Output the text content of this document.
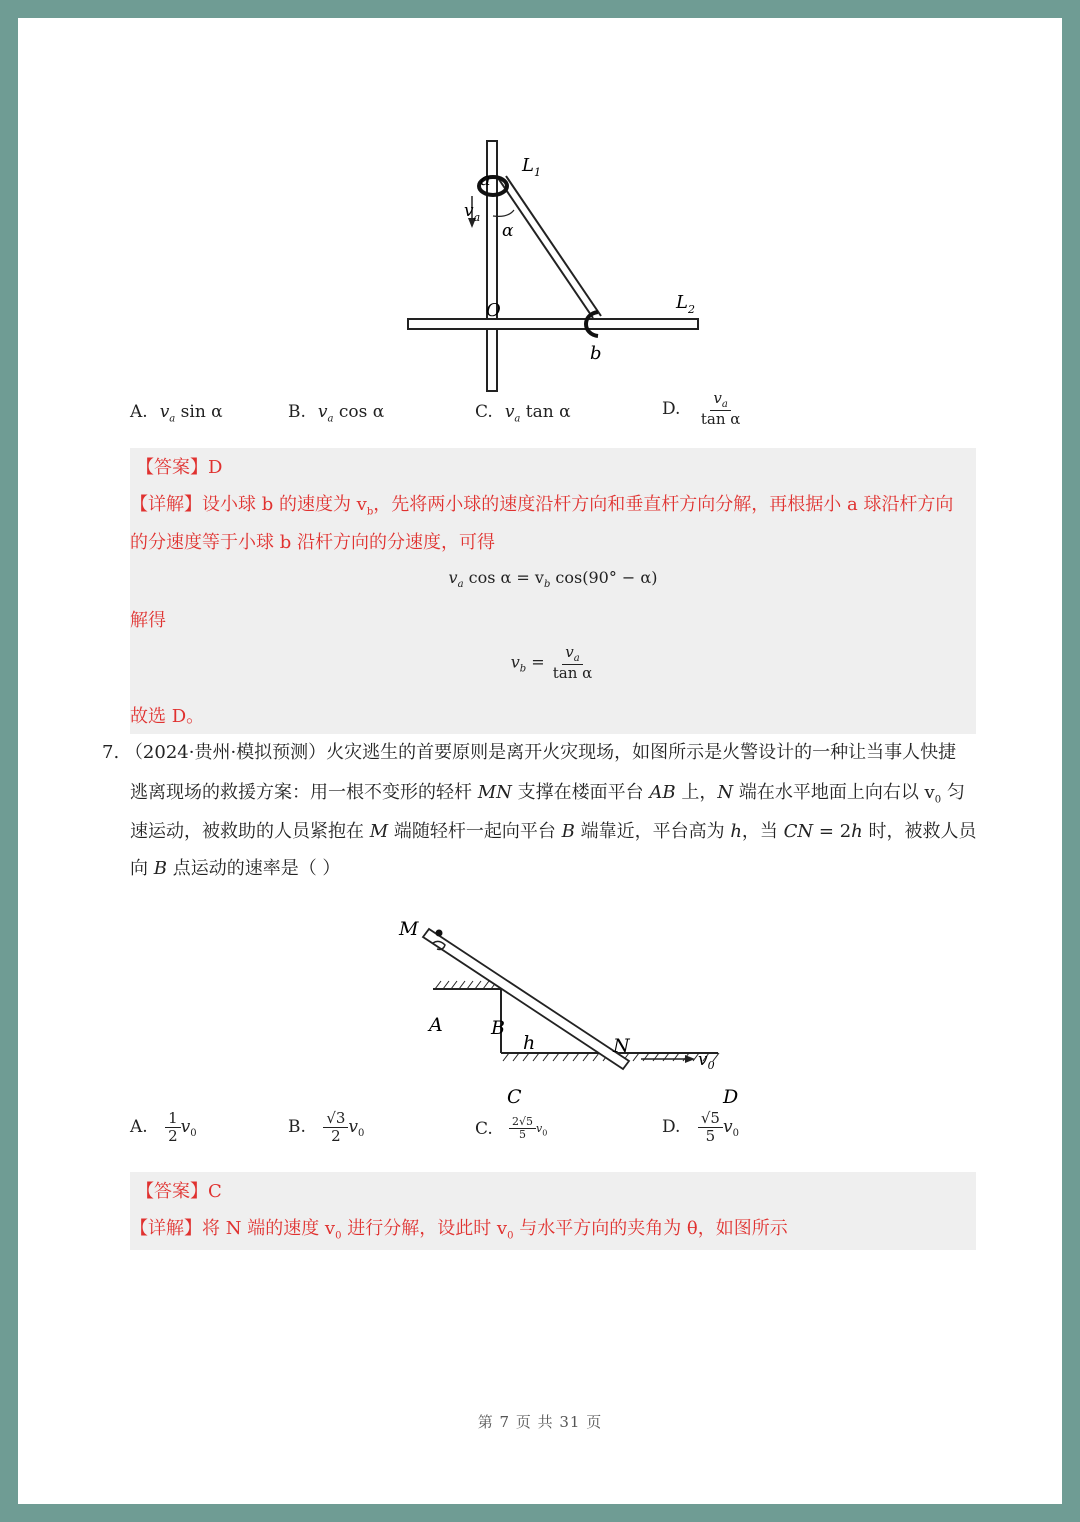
$L_1$
a
$v_a$
α
O	$L_2$
b
A. $v_a$ sin α	B. $v_a$ cos α	C. $v_a$ tan α	D. $\frac{v_a}{\text{tan α}}$
【答案】D
【详解】设小球 b 的速度为 $v_b$，先将两小球的速度沿杆方向和垂直杆方向分解，再根据小 a 球沿杆方向
的分速度等于小球 b 沿杆方向的分速度，可得
$v_a$ $\cos \alpha = v_b$ cos(90° − α)
解得
$v_b = \frac{v_a}{\text{tan α}}$
故选 D。
7. （2024·贵州·模拟预测）火灾逃生的首要原则是离开火灾现场，如图所示是火警设计的一种让当事人快捷
逃离现场的救援方案：用一根不变形的轻杆 MN 支撑在楼面平台 AB 上，N 端在水平地面上向右以 $v_0$ 匀
速运动，被救助的人员紧抱在 M 端随轻杆一起向平台 B 端靠近，平台高为 h，当 CN = 2h 时，被救人员
向 B 点运动的速率是（ ）
M
A	B
h	N
$v_0$
C	D
A. $\frac{1}{2} v_0$	B. $\frac{√3}{2} v_0$	C. $\frac{2√5}{5} v_0$	D. $\frac{√5}{5} v_0$
【答案】C
【详解】将 N 端的速度 $v_0$ 进行分解，设此时 $v_0$ 与水平方向的夹角为 θ，如图所示
第 7 页 共 31 页
